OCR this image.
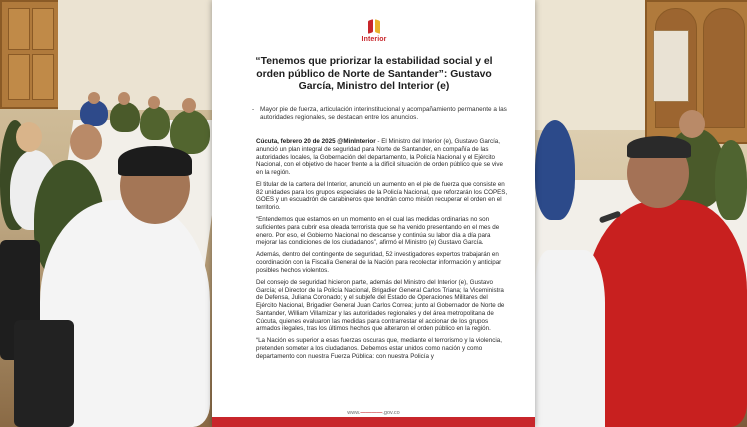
Interior
“Tenemos que priorizar la estabilidad social y el orden público de Norte de Santander”: Gustavo García, Ministro del Interior (e)
- Mayor pie de fuerza, articulación interinstitucional y acompañamiento permanente a las autoridades regionales, se destacan entre los anuncios.

Cúcuta, febrero 20 de 2025 @MinInterior - El Ministro del Interior (e), Gustavo García, anunció un plan integral de seguridad para Norte de Santander, en compañía de las autoridades locales, la Gobernación del departamento, la Policía Nacional y el Ejército Nacional, con el objetivo de hacer frente a la difícil situación de orden público que se vive en la región.

El titular de la cartera del Interior, anunció un aumento en el pie de fuerza que consiste en 82 unidades para los grupos especiales de la Policía Nacional, que reforzarán los COPES, GOES y un escuadrón de carabineros que tendrán como misión recuperar el orden en el territorio.

“Entendemos que estamos en un momento en el cual las medidas ordinarias no son suficientes para cubrir esa oleada terrorista que se ha venido presentando en el mes de enero. Por eso, el Gobierno Nacional no descanse y continúa su labor día a día para mejorar las condiciones de los ciudadanos”, afirmó el Ministro (e) Gustavo García.

Además, dentro del contingente de seguridad, 52 investigadores expertos trabajarán en coordinación con la Fiscalía General de la Nación para recolectar información y anticipar posibles hechos violentos.

Del consejo de seguridad hicieron parte, además del Ministro del Interior (e), Gustavo García; el Director de la Policía Nacional, Brigadier General Carlos Triana; la Viceministra de Defensa, Juliana Coronado; y el subjefe del Estado de Operaciones Militares del Ejército Nacional, Brigadier General Juan Carlos Correa; junto al Gobernador de Norte de Santander, William Villamizar y las autoridades regionales y del área metropolitana de Cúcuta, quienes evaluaron las medidas para contrarrestar el accionar de los grupos armados ilegales, tras los últimos hechos que alteraron el orden público en la región.

“La Nación es superior a esas fuerzas oscuras que, mediante el terrorismo y la violencia, pretenden someter a los ciudadanos. Debemos estar unidos como nación y como departamento con nuestra Fuerza Pública: con nuestra Policía y

www.————.gov.co
